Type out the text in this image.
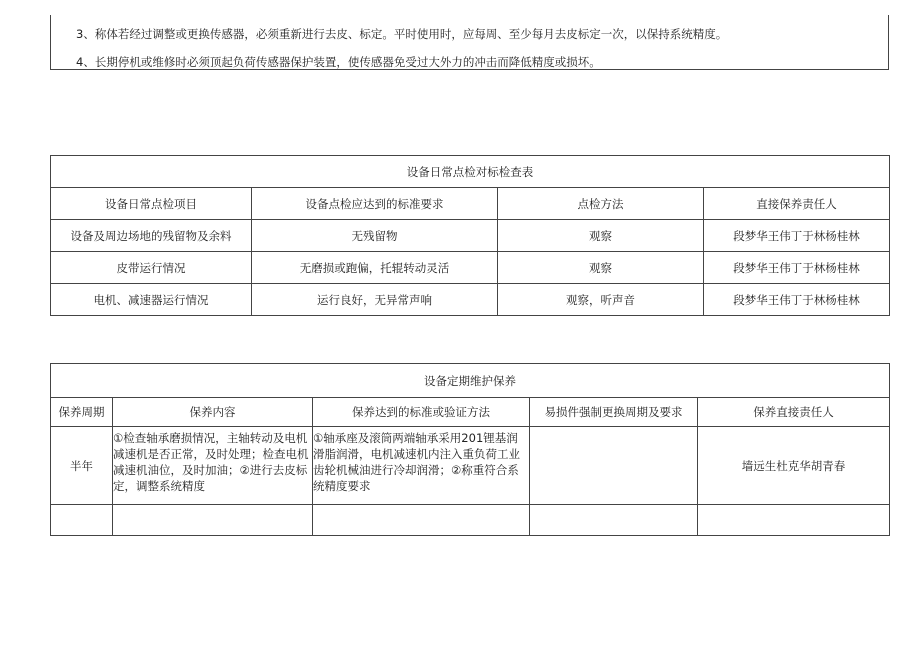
3、称体若经过调整或更换传感器，必须重新进行去皮、标定。平时使用时，应每周、至少每月去皮标定一次，以保持系统精度。

4、长期停机或维修时必须顶起负荷传感器保护装置，使传感器免受过大外力的冲击而降低精度或损坏。

设备日常点检对标检查表			
设备日常点检项目	设备点检应达到的标准要求	点检方法	直接保养责任人
设备及周边场地的残留物及余料	无残留物	观察	段梦华王伟丁于林杨桂林
皮带运行情况	无磨损或跑偏，托辊转动灵活	观察	段梦华王伟丁于林杨桂林
电机、减速器运行情况	运行良好，无异常声响	观察，听声音	段梦华王伟丁于林杨桂林
设备定期维护保养				
保养周期	保养内容	保养达到的标准或验证方法	易损件强制更换周期及要求	保养直接责任人
半年	①检查轴承磨损情况，主轴转动及电机减速机是否正常，及时处理；检查电机减速机油位，及时加油；②进行去皮标定，调整系统精度	①轴承座及滚筒两端轴承采用201锂基润滑脂润滑，电机减速机内注入重负荷工业齿轮机械油进行冷却润滑；②称重符合系统精度要求		墙远生杜克华胡青春
